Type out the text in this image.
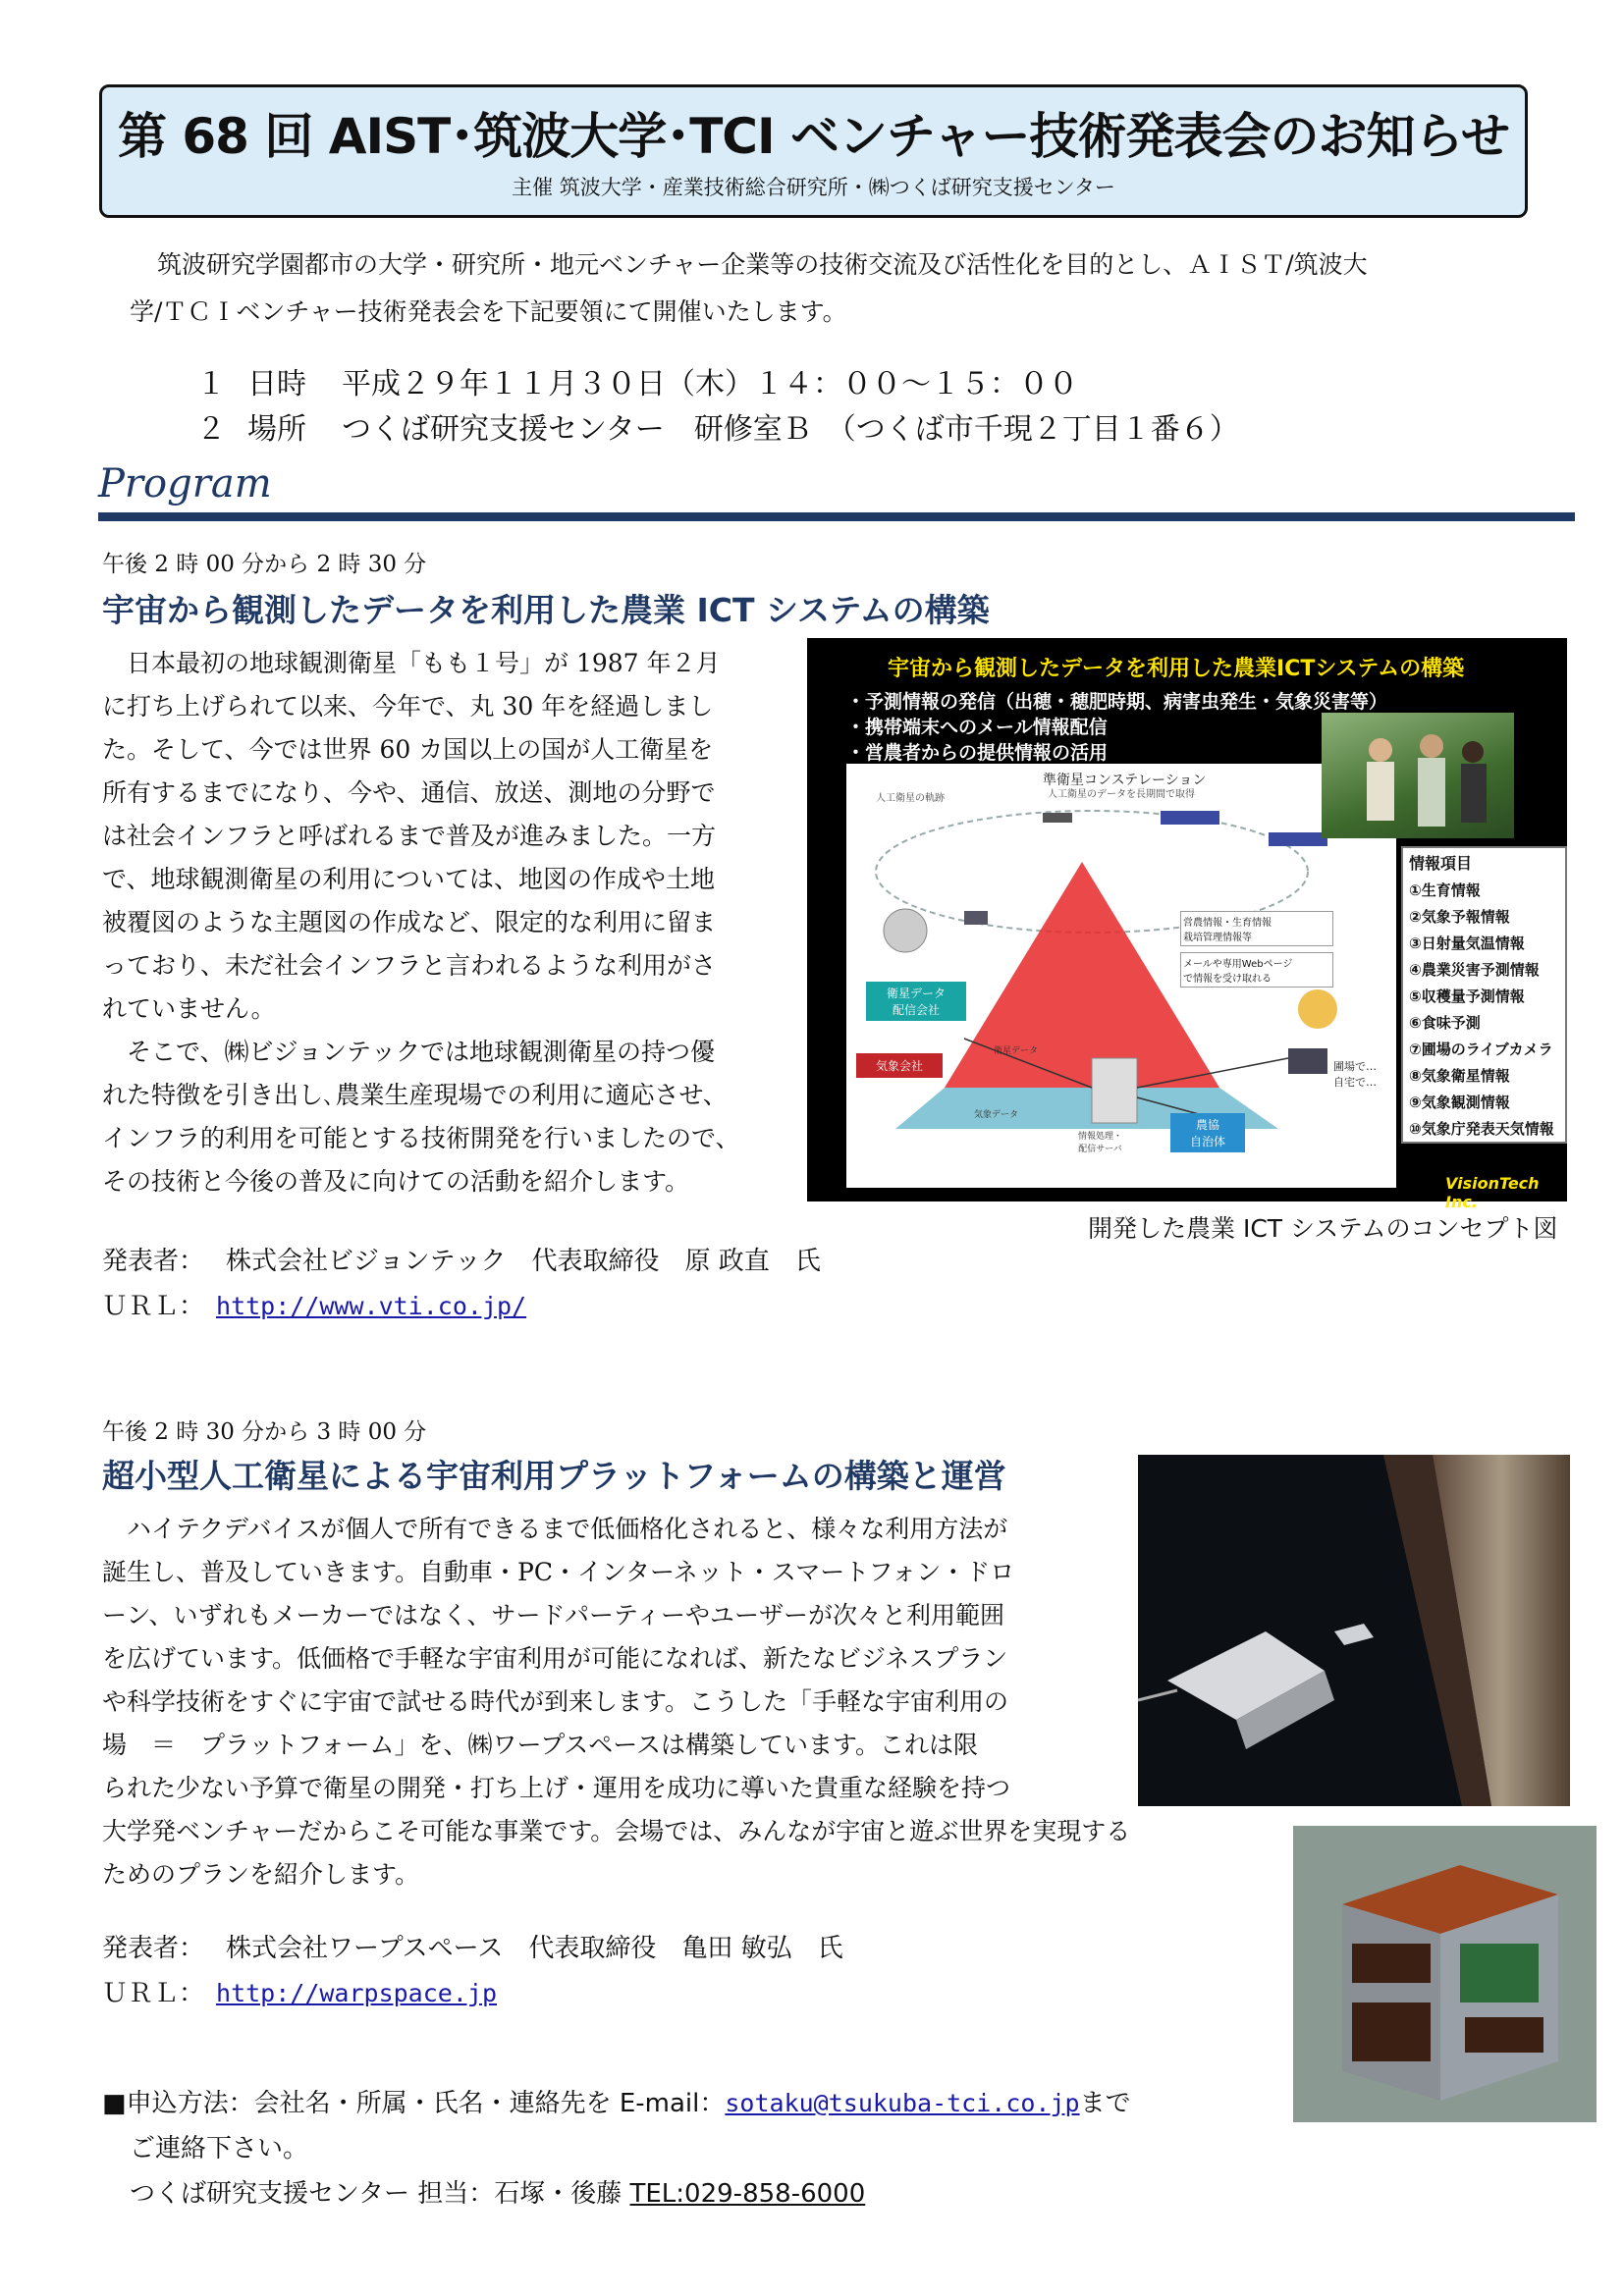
第 68 回 AIST･筑波大学･TCI ベンチャー技術発表会のお知らせ
主催 筑波大学・産業技術総合研究所・㈱つくば研究支援センター
筑波研究学園都市の大学・研究所・地元ベンチャー企業等の技術交流及び活性化を目的とし、ＡＩＳＴ/筑波大
学/ＴＣＩベンチャー技術発表会を下記要領にて開催いたします。
１ 日時 平成２９年１１月３０日（木）１４：００～１５：００
２ 場所 つくば研究支援センター　研修室Ｂ　（つくば市千現２丁目１番６）
Program
午後 2 時 00 分から 2 時 30 分
宇宙から観測したデータを利用した農業 ICT システムの構築

日本最初の地球観測衛星「もも１号」が 1987 年２月

に打ち上げられて以来、今年で、丸 30 年を経過しまし

た。そして、今では世界 60 カ国以上の国が人工衛星を

所有するまでになり、今や、通信、放送、測地の分野で

は社会インフラと呼ばれるまで普及が進みました。一方

で、地球観測衛星の利用については、地図の作成や土地

被覆図のような主題図の作成など、限定的な利用に留ま

っており、未だ社会インフラと言われるような利用がさ

れていません。

そこで、㈱ビジョンテックでは地球観測衛星の持つ優

れた特徴を引き出し､農業生産現場での利用に適応させ、

インフラ的利用を可能とする技術開発を行いましたので、

その技術と今後の普及に向けての活動を紹介します。

宇宙から観測したデータを利用した農業ICTシステムの構築
・予測情報の発信（出穂・穂肥時期、病害虫発生・気象災害等）
・携帯端末へのメール情報配信
・営農者からの提供情報の活用
準衛星コンステレーション
人工衛星のデータを長期間で取得
人工衛星の軌跡
営農情報・生育情報
栽培管理情報等
メールや専用Webページ
で情報を受け取れる
衛星データ
配信会社
気象会社
衛星データ
気象データ
情報処理・
配信サーバ
農協
自治体
圃場で…
自宅で…
情報項目
①生育情報
②気象予報情報
③日射量気温情報
④農業災害予測情報
⑤収穫量予測情報
⑥食味予測
⑦圃場のライブカメラ
⑧気象衛星情報
⑨気象観測情報
⑩気象庁発表天気情報
VisionTech Inc.
開発した農業 ICT システムのコンセプト図
発表者： 株式会社ビジョンテック　代表取締役　原 政直　氏
ＵＲＬ： http://www.vti.co.jp/
午後 2 時 30 分から 3 時 00 分
超小型人工衛星による宇宙利用プラットフォームの構築と運営

ハイテクデバイスが個人で所有できるまで低価格化されると、様々な利用方法が

誕生し、普及していきます。自動車・PC・インターネット・スマートフォン・ドロ

ーン、いずれもメーカーではなく、サードパーティーやユーザーが次々と利用範囲

を広げています。低価格で手軽な宇宙利用が可能になれば、新たなビジネスプラン

や科学技術をすぐに宇宙で試せる時代が到来します。こうした「手軽な宇宙利用の

場　＝　プラットフォーム」を、㈱ワープスペースは構築しています。これは限

られた少ない予算で衛星の開発・打ち上げ・運用を成功に導いた貴重な経験を持つ

大学発ベンチャーだからこそ可能な事業です。会場では、みんなが宇宙と遊ぶ世界を実現する

ためのプランを紹介します。

発表者： 株式会社ワープスペース　代表取締役　亀田 敏弘　氏
ＵＲＬ： http://warpspace.jp
■申込方法：会社名・所属・氏名・連絡先を E-mail：sotaku@tsukuba-tci.co.jpまで
ご連絡下さい。
つくば研究支援センター 担当：石塚・後藤 TEL:029-858-6000
